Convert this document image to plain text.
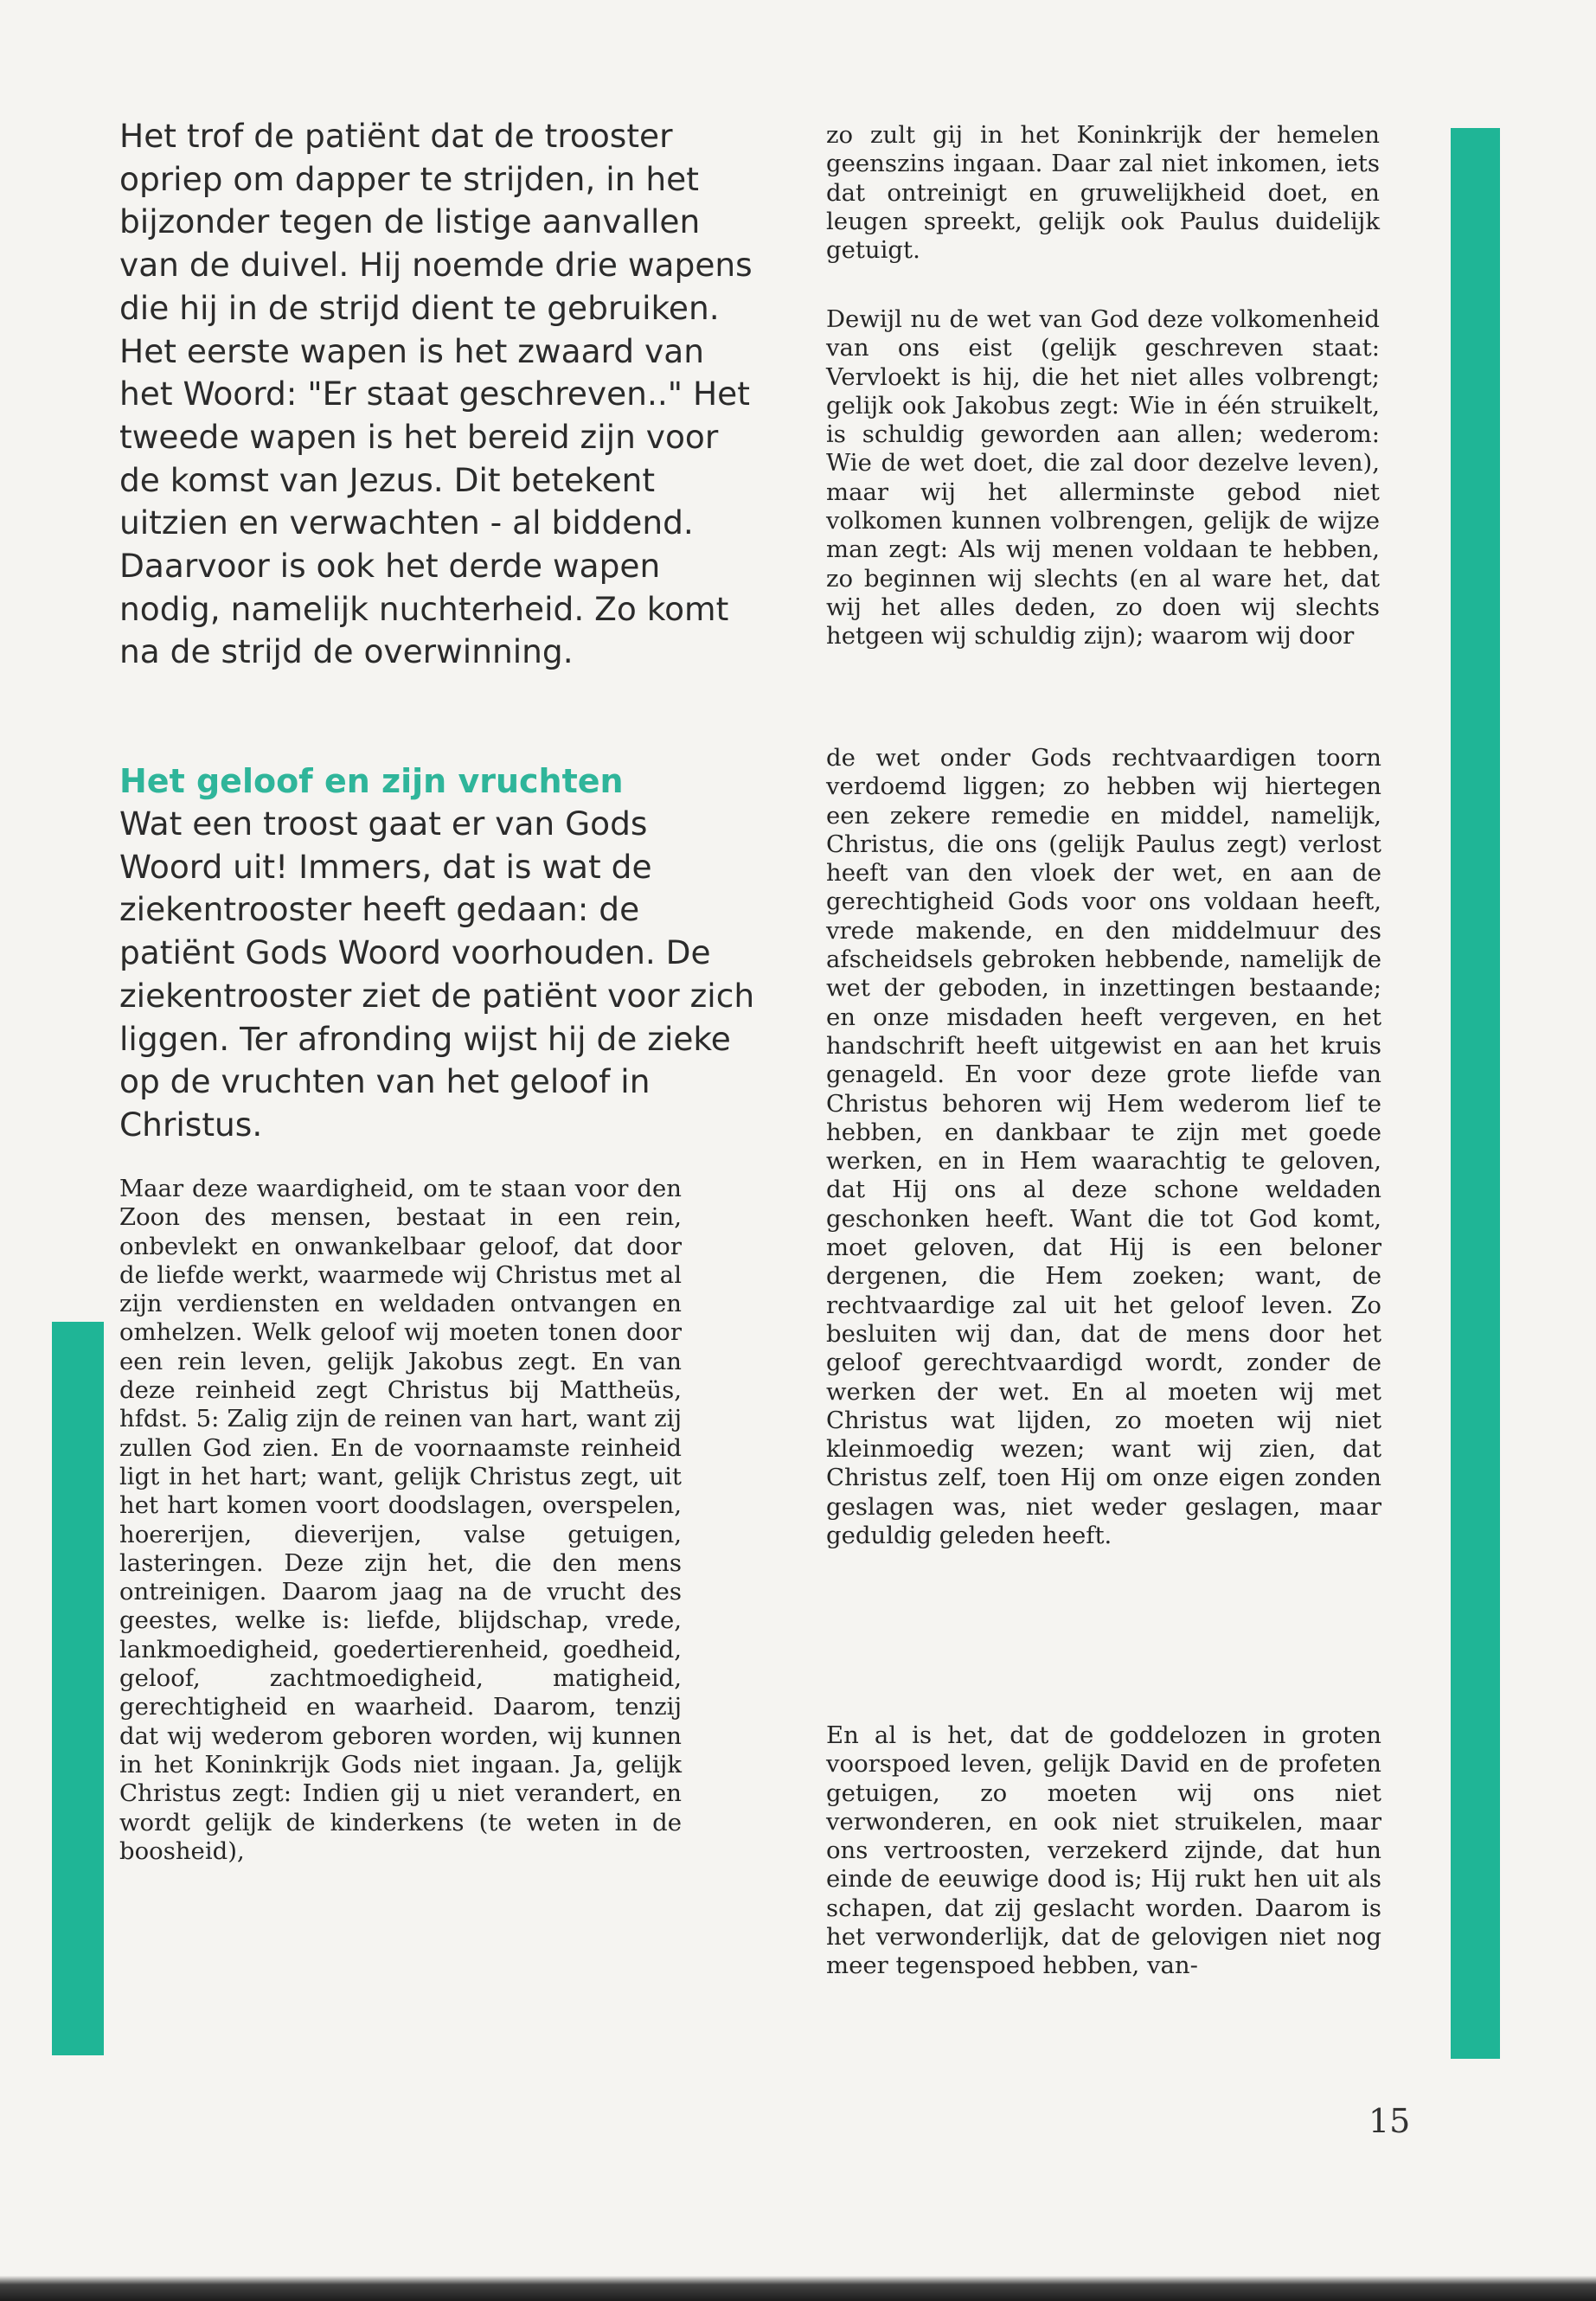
Het trof de patiënt dat de trooster opriep om dapper te strijden, in het bijzonder tegen de listige aanvallen van de duivel. Hij noemde drie wapens die hij in de strijd dient te gebruiken. Het eerste wapen is het zwaard van het Woord: "Er staat geschreven.." Het tweede wapen is het bereid zijn voor de komst van Jezus. Dit betekent uitzien en verwachten - al biddend. Daarvoor is ook het derde wapen nodig, namelijk nuchterheid. Zo komt na de strijd de overwinning.

Het geloof en zijn vruchten

Wat een troost gaat er van Gods Woord uit! Immers, dat is wat de ziekentrooster heeft gedaan: de patiënt Gods Woord voorhouden. De ziekentrooster ziet de patiënt voor zich liggen. Ter afronding wijst hij de zieke op de vruchten van het geloof in Christus.

Maar deze waardigheid, om te staan voor den Zoon des mensen, bestaat in een rein, onbevlekt en onwankelbaar geloof, dat door de liefde werkt, waarmede wij Christus met al zijn verdiensten en weldaden ontvangen en omhelzen. Welk geloof wij moeten tonen door een rein leven, gelijk Jakobus zegt. En van deze reinheid zegt Christus bij Mattheüs, hfdst. 5: Zalig zijn de reinen van hart, want zij zullen God zien. En de voornaamste reinheid ligt in het hart; want, gelijk Christus zegt, uit het hart komen voort doodslagen, overspelen, hoererijen, dieverijen, valse getuigen, lasteringen. Deze zijn het, die den mens ontreinigen. Daarom jaag na de vrucht des geestes, welke is: liefde, blijdschap, vrede, lankmoedigheid, goedertierenheid, goedheid, geloof, zachtmoedigheid, matigheid, gerechtigheid en waarheid. Daarom, tenzij dat wij wederom geboren worden, wij kunnen in het Koninkrijk Gods niet ingaan. Ja, gelijk Christus zegt: Indien gij u niet verandert, en wordt gelijk de kinderkens (te weten in de boosheid),

zo zult gij in het Koninkrijk der hemelen geenszins ingaan. Daar zal niet inkomen, iets dat ontreinigt en gruwelijkheid doet, en leugen spreekt, gelijk ook Paulus duidelijk getuigt.

Dewijl nu de wet van God deze volkomenheid van ons eist (gelijk geschreven staat: Vervloekt is hij, die het niet alles volbrengt; gelijk ook Jakobus zegt: Wie in één struikelt, is schuldig geworden aan allen; wederom: Wie de wet doet, die zal door dezelve leven), maar wij het allerminste gebod niet volkomen kunnen volbrengen, gelijk de wijze man zegt: Als wij menen voldaan te hebben, zo beginnen wij slechts (en al ware het, dat wij het alles deden, zo doen wij slechts hetgeen wij schuldig zijn); waarom wij door

de wet onder Gods rechtvaardigen toorn verdoemd liggen; zo hebben wij hiertegen een zekere remedie en middel, namelijk, Christus, die ons (gelijk Paulus zegt) verlost heeft van den vloek der wet, en aan de gerechtigheid Gods voor ons voldaan heeft, vrede makende, en den middelmuur des afscheidsels gebroken hebbende, namelijk de wet der geboden, in inzettingen bestaande; en onze misdaden heeft vergeven, en het handschrift heeft uitgewist en aan het kruis genageld. En voor deze grote liefde van Christus behoren wij Hem wederom lief te hebben, en dankbaar te zijn met goede werken, en in Hem waarachtig te geloven, dat Hij ons al deze schone weldaden geschonken heeft. Want die tot God komt, moet geloven, dat Hij is een beloner dergenen, die Hem zoeken; want, de rechtvaardige zal uit het geloof leven. Zo besluiten wij dan, dat de mens door het geloof gerechtvaardigd wordt, zonder de werken der wet. En al moeten wij met Christus wat lijden, zo moeten wij niet kleinmoedig wezen; want wij zien, dat Christus zelf, toen Hij om onze eigen zonden geslagen was, niet weder geslagen, maar geduldig geleden heeft.

En al is het, dat de goddelozen in groten voorspoed leven, gelijk David en de profeten getuigen, zo moeten wij ons niet verwonderen, en ook niet struikelen, maar ons vertroosten, verzekerd zijnde, dat hun einde de eeuwige dood is; Hij rukt hen uit als schapen, dat zij geslacht worden. Daarom is het verwonderlijk, dat de gelovigen niet nog meer tegenspoed hebben, van-

15
